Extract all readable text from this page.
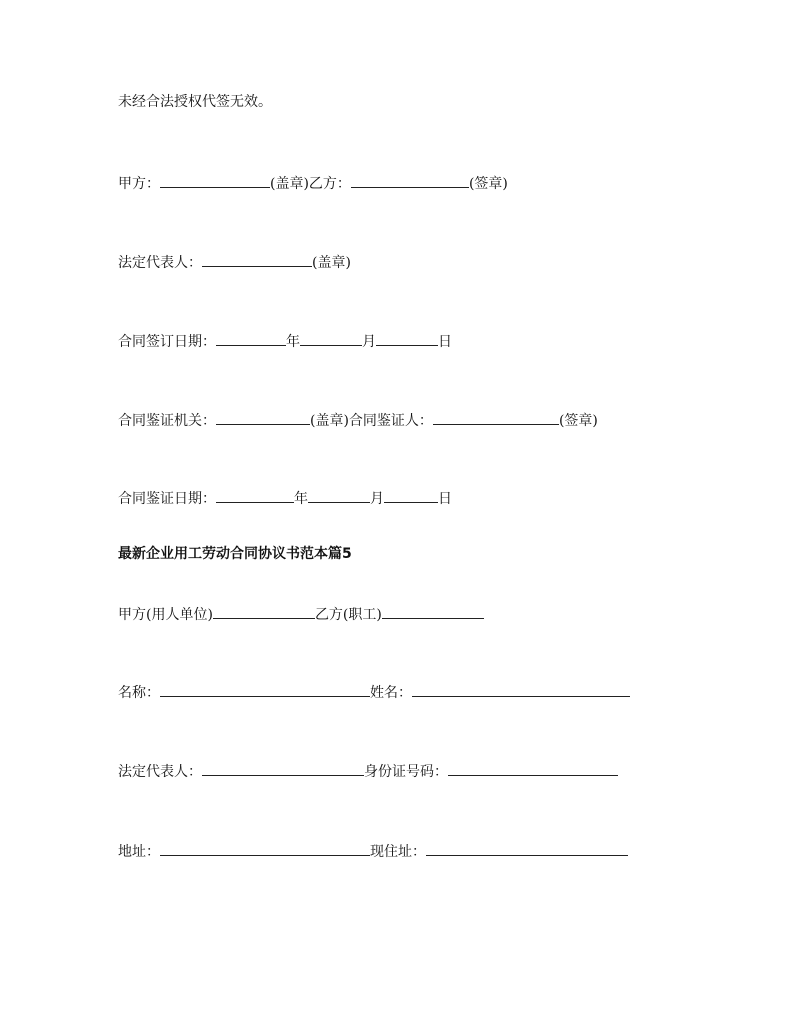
未经合法授权代签无效。
甲方：	(盖章)乙方：	(签章)
法定代表人：	(盖章)
合同签订日期：	年	月	日
合同鉴证机关：	(盖章)合同鉴证人：	(签章)
合同鉴证日期：	年	月	日
最新企业用工劳动合同协议书范本篇5
甲方(用人单位)	乙方(职工)
名称：	姓名：
法定代表人：	身份证号码：
地址：	现住址：
